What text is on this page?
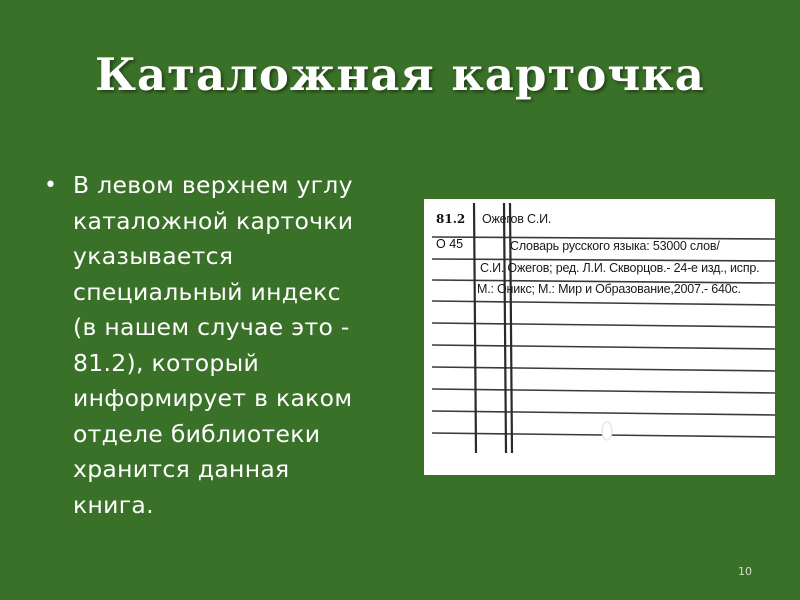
Каталожная карточка
• В левом верхнем углу
каталожной карточки
указывается
специальный индекс
(в нашем случае это -
81.2), который
информирует в каком
отделе библиотеки
хранится данная
книга.
81.2
О 45
Ожегов С.И.
Словарь русского языка: 53000 слов/
С.И. Ожегов; ред. Л.И. Скворцов.- 24-е изд., испр.
М.: Оникс; М.: Мир и Образование,2007.- 640с.
10
